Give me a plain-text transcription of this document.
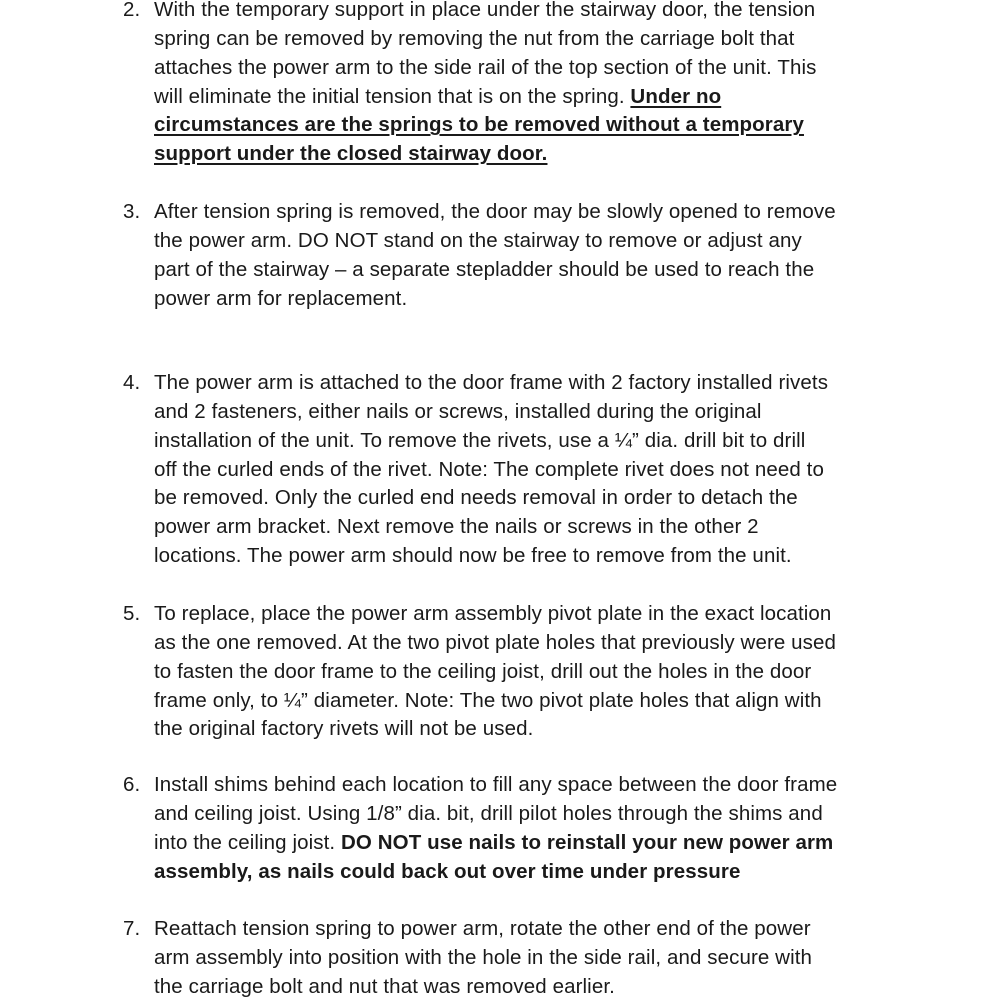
2. With the temporary support in place under the stairway door, the tension
spring can be removed by removing the nut from the carriage bolt that
attaches the power arm to the side rail of the top section of the unit. This
will eliminate the initial tension that is on the spring. Under no
circumstances are the springs to be removed without a temporary
support under the closed stairway door.
3. After tension spring is removed, the door may be slowly opened to remove
the power arm. DO NOT stand on the stairway to remove or adjust any
part of the stairway – a separate stepladder should be used to reach the
power arm for replacement.
4. The power arm is attached to the door frame with 2 factory installed rivets
and 2 fasteners, either nails or screws, installed during the original
installation of the unit. To remove the rivets, use a ¼” dia. drill bit to drill
off the curled ends of the rivet. Note: The complete rivet does not need to
be removed. Only the curled end needs removal in order to detach the
power arm bracket. Next remove the nails or screws in the other 2
locations. The power arm should now be free to remove from the unit.
5. To replace, place the power arm assembly pivot plate in the exact location
as the one removed. At the two pivot plate holes that previously were used
to fasten the door frame to the ceiling joist, drill out the holes in the door
frame only, to ¼” diameter. Note: The two pivot plate holes that align with
the original factory rivets will not be used.
6. Install shims behind each location to fill any space between the door frame
and ceiling joist. Using 1/8” dia. bit, drill pilot holes through the shims and
into the ceiling joist. DO NOT use nails to reinstall your new power arm
assembly, as nails could back out over time under pressure
7. Reattach tension spring to power arm, rotate the other end of the power
arm assembly into position with the hole in the side rail, and secure with
the carriage bolt and nut that was removed earlier.
